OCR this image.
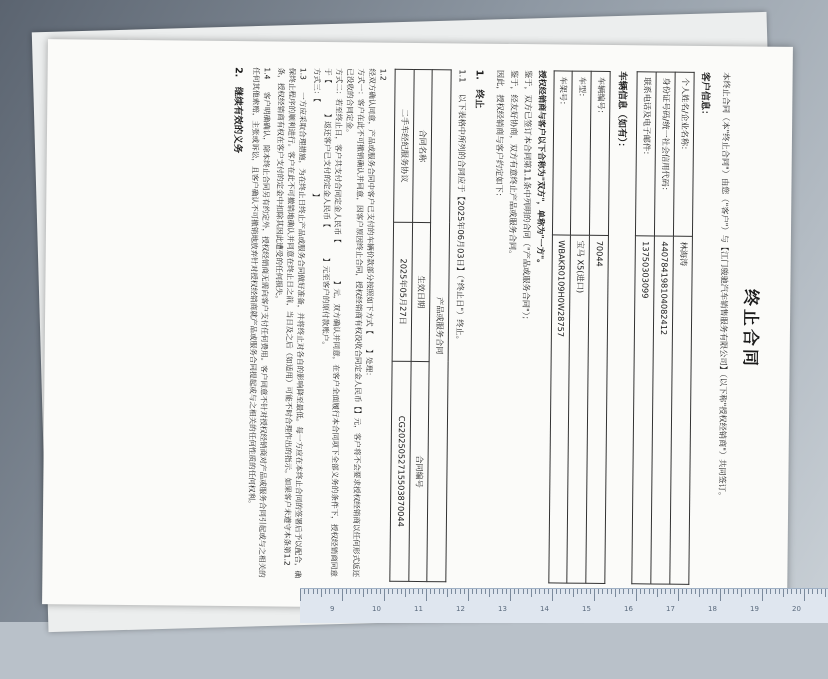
终止合同
本终止合同（本"终止合同"）由您（"客户"）与【江门骏驰汽车销售服务有限公司】（以下称"授权经销商"）共同签订。
客户信息：
个人姓名/企业名称：	林海涛
身份证号码/统一社会信用代码：	440784198104082412
联系电话及电子邮件：	13750303099
车辆信息（如有）：
车辆编号：	70044
车型：	宝马 X5(进口)
车架号：	WBAKR0109H0W28757
授权经销商与客户以下合称为"双方"，单称为"一方"。
鉴于，双方已签订本合同第1.1条中列明的合同（"产品或服务合同"）；
鉴于，经友好协商，双方有意终止产品或服务合同。
因此，授权经销商与客户约定如下：
1.　终止
1.1 以下表格中所列的合同应于【2025年06月03日】（"终止日"）终止。
产品或服务合同		
合同名称	生效日期	合同编号
二手车经纪服务协议	2025年05月27日	CG2025052715503870044
1.2
经双方确认同意，产品或服务合同中客户已支付的车辆价款部分按照如下方式【　　】处理：
方式一：客户在此不可撤销确认并同意，因客户原因终止合同，授权经销商有权没收合同定金人民币【】元，客户将不会要求授权经销商以任何形式返还已没收的合同定金。
方式二：若至终止日，客户共支付合同定金人民币【　　　　　】元，双方确认并同意，在客户全面履行本合同项下全部义务的条件下，授权经销商同意于【　　　　】返还客户已支付的定金人民币【　　　　】元至客户的原付款账户。
方式三：【　　　　　　　　　　　　】
1.3 一方应采取合理措施，为在终止日终止产品或服务合同做好准备，并将终止对各自的影响降至最低。每一方应在本终止合同的签署后予以配合，确保终止程序的顺利进行。客户在此不可撤销地确认并同意在终止日之前，当日及之后（如适用）可能不时合理作出的指示。如果客户未遵守本条第1.2条，授权经销商有权在客户支付的定金中扣除其因此遭受的任何损失。
1.4 客户明确确认，除本终止合同另有约定外，授权经销商无需向客户支付任何费用。客户同意不针对授权经销商对产品或服务合同引起或与之相关的任何其他索赔，主张或诉讼，且客户确认不可撤销地放弃针对授权经销商就产品或服务合同提起或与之相关的任何性质的任何权利。
2.　继续有效的义务
9	10	11	12	13	14	15	16	17	18	19	20
